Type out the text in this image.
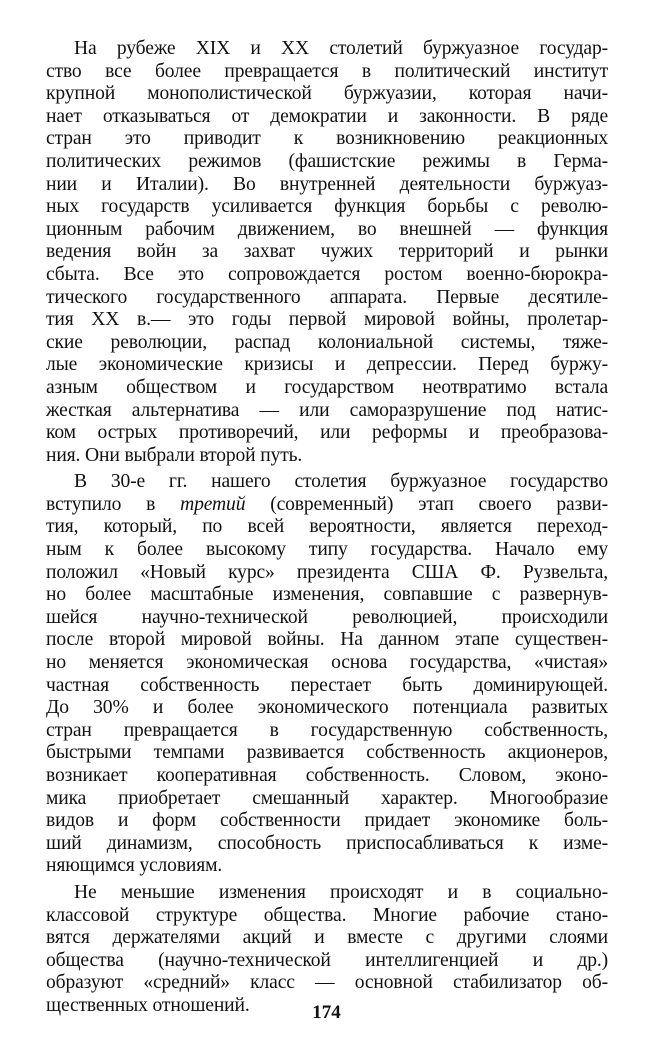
На рубеже XIX и XX столетий буржуазное государ-
ство все более превращается в политический институт
крупной монополистической буржуазии, которая начи-
нает отказываться от демократии и законности. В ряде
стран это приводит к возникновению реакционных
политических режимов (фашистские режимы в Герма-
нии и Италии). Во внутренней деятельности буржуаз-
ных государств усиливается функция борьбы с револю-
ционным рабочим движением, во внешней — функция
ведения войн за захват чужих территорий и рынки
сбыта. Все это сопровождается ростом военно-бюрокра-
тического государственного аппарата. Первые десятиле-
тия XX в.— это годы первой мировой войны, пролетар-
ские революции, распад колониальной системы, тяже-
лые экономические кризисы и депрессии. Перед буржу-
азным обществом и государством неотвратимо встала
жесткая альтернатива — или саморазрушение под натис-
ком острых противоречий, или реформы и преобразова-
ния. Они выбрали второй путь.
В 30-е гг. нашего столетия буржуазное государство
вступило в третий (современный) этап своего разви-
тия, который, по всей вероятности, является переход-
ным к более высокому типу государства. Начало ему
положил «Новый курс» президента США Ф. Рузвельта,
но более масштабные изменения, совпавшие с развернув-
шейся научно-технической революцией, происходили
после второй мировой войны. На данном этапе существен-
но меняется экономическая основа государства, «чистая»
частная собственность перестает быть доминирующей.
До 30% и более экономического потенциала развитых
стран превращается в государственную собственность,
быстрыми темпами развивается собственность акционеров,
возникает кооперативная собственность. Словом, эконо-
мика приобретает смешанный характер. Многообразие
видов и форм собственности придает экономике боль-
ший динамизм, способность приспосабливаться к изме-
няющимся условиям.
Не меньшие изменения происходят и в социально-
классовой структуре общества. Многие рабочие стано-
вятся держателями акций и вместе с другими слоями
общества (научно-технической интеллигенцией и др.)
образуют «средний» класс — основной стабилизатор об-
щественных отношений.	174
